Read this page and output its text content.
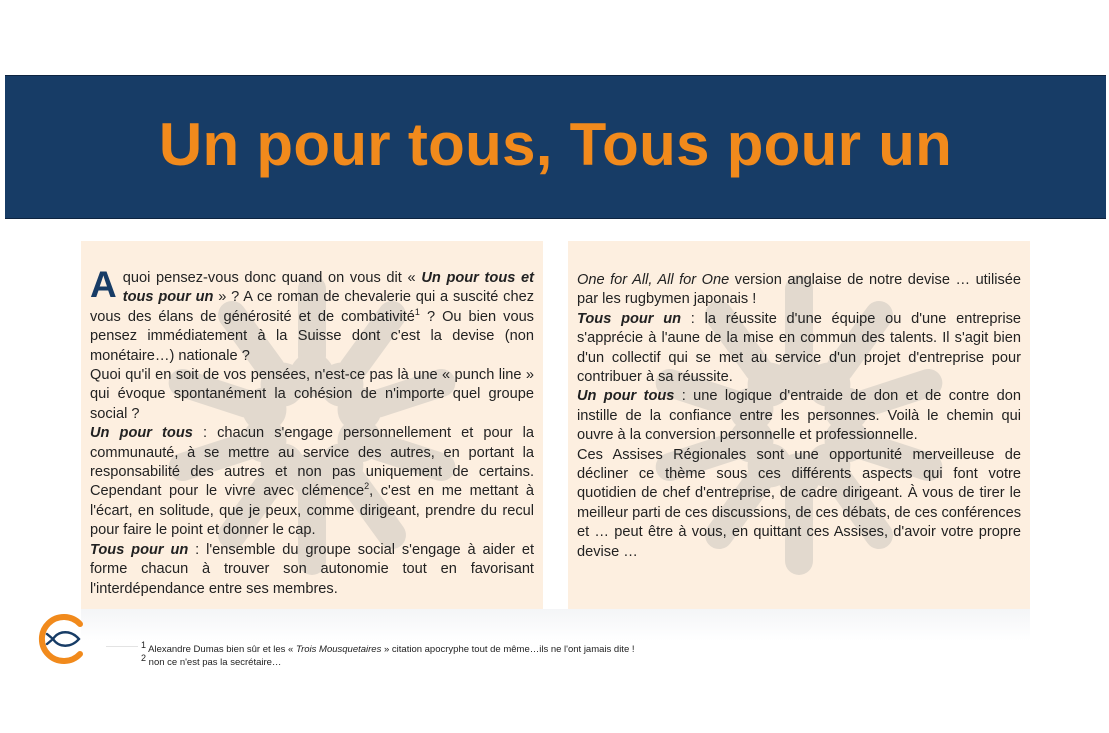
Un pour tous, Tous pour un

A quoi pensez-vous donc quand on vous dit « Un pour tous et tous pour un » ? A ce roman de chevalerie qui a suscité chez vous des élans de générosité et de combativité$^1$ ? Ou bien vous pensez immédiatement à la Suisse dont c'est la devise (non monétaire…) nationale ?

Quoi qu'il en soit de vos pensées, n'est-ce pas là une « punch line » qui évoque spontanément la cohésion de n'importe quel groupe social ?

Un pour tous : chacun s'engage personnellement et pour la communauté, à se mettre au service des autres, en portant la responsabilité des autres et non pas uniquement de certains. Cependant pour le vivre avec clémence$^2$, c'est en me mettant à l'écart, en solitude, que je peux, comme dirigeant, prendre du recul pour faire le point et donner le cap.

Tous pour un : l'ensemble du groupe social s'engage à aider et forme chacun à trouver son autonomie tout en favorisant l'interdépendance entre ses membres.

One for All, All for One version anglaise de notre devise … utilisée par les rugbymen japonais !

Tous pour un : la réussite d'une équipe ou d'une entreprise s'apprécie à l'aune de la mise en commun des talents. Il s'agit bien d'un collectif qui se met au service d'un projet d'entreprise pour contribuer à sa réussite.

Un pour tous : une logique d'entraide de don et de contre don instille de la confiance entre les personnes. Voilà le chemin qui ouvre à la conversion personnelle et professionnelle.

Ces Assises Régionales sont une opportunité merveilleuse de décliner ce thème sous ces différents aspects qui font votre quotidien de chef d'entreprise, de cadre dirigeant. À vous de tirer le meilleur parti de ces discussions, de ces débats, de ces conférences et … peut être à vous, en quittant ces Assises, d'avoir votre propre devise …

$^1$ Alexandre Dumas bien sûr et les « Trois Mousquetaires » citation apocryphe tout de même…ils ne l'ont jamais dite !

$^2$ non ce n'est pas la secrétaire…
